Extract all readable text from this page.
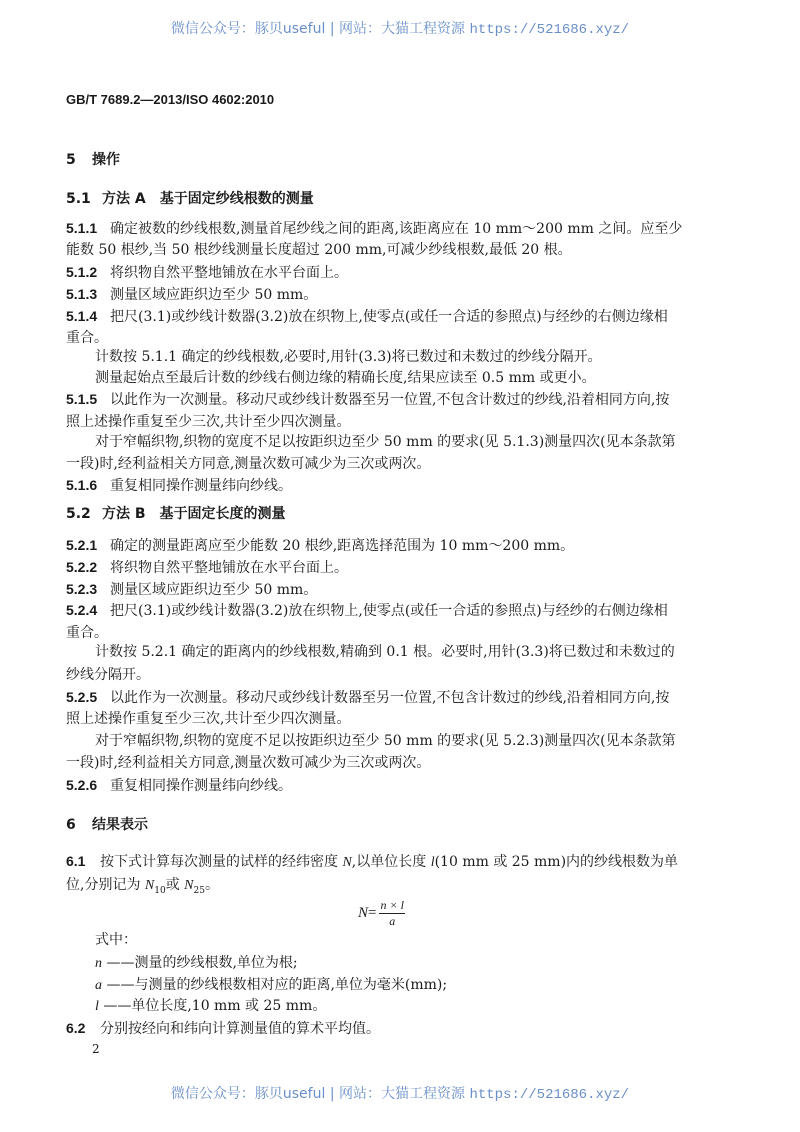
微信公众号：豚贝useful | 网站：大猫工程资源 https://521686.xyz/
GB/T 7689.2—2013/ISO 4602:2010
5 操作
5.1 方法 A　基于固定纱线根数的测量
5.1.1 确定被数的纱线根数,测量首尾纱线之间的距离,该距离应在 10 mm～200 mm 之间。应至少
能数 50 根纱,当 50 根纱线测量长度超过 200 mm,可减少纱线根数,最低 20 根。
5.1.2 将织物自然平整地铺放在水平台面上。
5.1.3 测量区域应距织边至少 50 mm。
5.1.4 把尺(3.1)或纱线计数器(3.2)放在织物上,使零点(或任一合适的参照点)与经纱的右侧边缘相
重合。
计数按 5.1.1 确定的纱线根数,必要时,用针(3.3)将已数过和未数过的纱线分隔开。
测量起始点至最后计数的纱线右侧边缘的精确长度,结果应读至 0.5 mm 或更小。
5.1.5 以此作为一次测量。移动尺或纱线计数器至另一位置,不包含计数过的纱线,沿着相同方向,按
照上述操作重复至少三次,共计至少四次测量。
对于窄幅织物,织物的宽度不足以按距织边至少 50 mm 的要求(见 5.1.3)测量四次(见本条款第
一段)时,经利益相关方同意,测量次数可减少为三次或两次。
5.1.6 重复相同操作测量纬向纱线。
5.2 方法 B　基于固定长度的测量
5.2.1 确定的测量距离应至少能数 20 根纱,距离选择范围为 10 mm～200 mm。
5.2.2 将织物自然平整地铺放在水平台面上。
5.2.3 测量区域应距织边至少 50 mm。
5.2.4 把尺(3.1)或纱线计数器(3.2)放在织物上,使零点(或任一合适的参照点)与经纱的右侧边缘相
重合。
计数按 5.2.1 确定的距离内的纱线根数,精确到 0.1 根。必要时,用针(3.3)将已数过和未数过的
纱线分隔开。
5.2.5 以此作为一次测量。移动尺或纱线计数器至另一位置,不包含计数过的纱线,沿着相同方向,按
照上述操作重复至少三次,共计至少四次测量。
对于窄幅织物,织物的宽度不足以按距织边至少 50 mm 的要求(见 5.2.3)测量四次(见本条款第
一段)时,经利益相关方同意,测量次数可减少为三次或两次。
5.2.6 重复相同操作测量纬向纱线。
6 结果表示
6.1 按下式计算每次测量的试样的经纬密度 N,以单位长度 l(10 mm 或 25 mm)内的纱线根数为单
位,分别记为 $N_{10}$或 $N_{25}$。
$N = \frac{n \times l}{a}$
式中：
n ——测量的纱线根数,单位为根;
a ——与测量的纱线根数相对应的距离,单位为毫米(mm);
l ——单位长度,10 mm 或 25 mm。
6.2 分别按经向和纬向计算测量值的算术平均值。
2
微信公众号：豚贝useful | 网站：大猫工程资源 https://521686.xyz/
